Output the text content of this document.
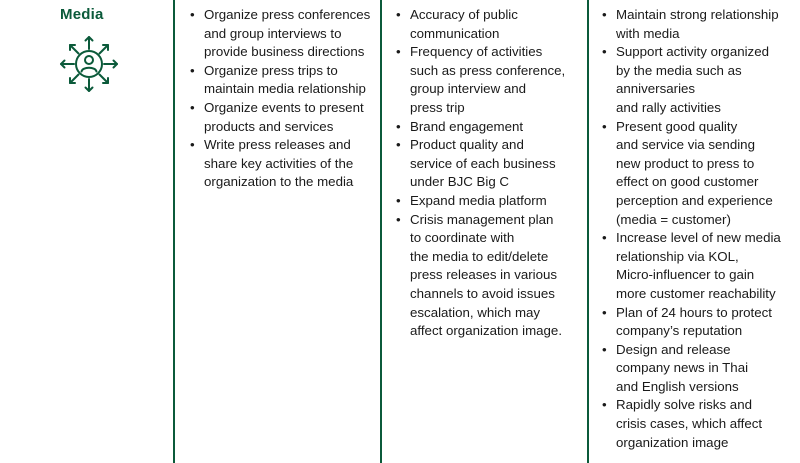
Media
•	Organize press conferences
and group interviews to
provide business directions
• Organize press trips to
maintain media relationship
• Organize events to present
products and services
• Write press releases and
share key activities of the
organization to the media
• Accuracy of public
communication
• Frequency of activities
such as press conference,
group interview and
press trip
• Brand engagement
• Product quality and
service of each business
under BJC Big C
• Expand media platform
• Crisis management plan
to coordinate with
the media to edit/delete
press releases in various
channels to avoid issues
escalation, which may
affect organization image.
• Maintain strong relationship
with media
• Support activity organized
by the media such as
anniversaries
and rally activities
• Present good quality
and service via sending
new product to press to
effect on good customer
perception and experience
(media = customer)
• Increase level of new media
relationship via KOL,
Micro-influencer to gain
more customer reachability
• Plan of 24 hours to protect
company’s reputation
• Design and release
company news in Thai
and English versions
• Rapidly solve risks and
crisis cases, which affect
organization image
